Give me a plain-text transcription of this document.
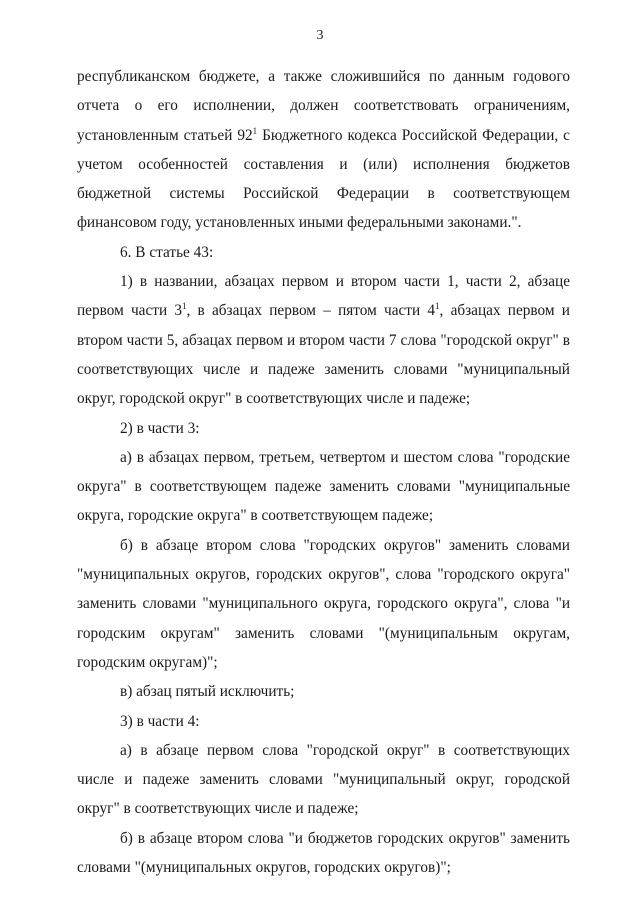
3

республиканском бюджете, а также сложившийся по данным годового отчета о его исполнении, должен соответствовать ограничениям, установленным статьей $92^1$ Бюджетного кодекса Российской Федерации, с учетом особенностей составления и (или) исполнения бюджетов бюджетной системы Российской Федерации в соответствующем финансовом году, установленных иными федеральными законами.".

6. В статье 43:

1) в названии, абзацах первом и втором части 1, части 2, абзаце первом части $3^1$, в абзацах первом – пятом части $4^1$, абзацах первом и втором части 5, абзацах первом и втором части 7 слова "городской округ" в соответствующих числе и падеже заменить словами "муниципальный округ, городской округ" в соответствующих числе и падеже;

2) в части 3:

а) в абзацах первом, третьем, четвертом и шестом слова "городские округа" в соответствующем падеже заменить словами "муниципальные округа, городские округа" в соответствующем падеже;

б) в абзаце втором слова "городских округов" заменить словами "муниципальных округов, городских округов", слова "городского округа" заменить словами "муниципального округа, городского округа", слова "и городским округам" заменить словами "(муниципальным округам, городским округам)";

в) абзац пятый исключить;

3) в части 4:

а) в абзаце первом слова "городской округ" в соответствующих числе и падеже заменить словами "муниципальный округ, городской округ" в соответствующих числе и падеже;

б) в абзаце втором слова "и бюджетов городских округов" заменить словами "(муниципальных округов, городских округов)";
